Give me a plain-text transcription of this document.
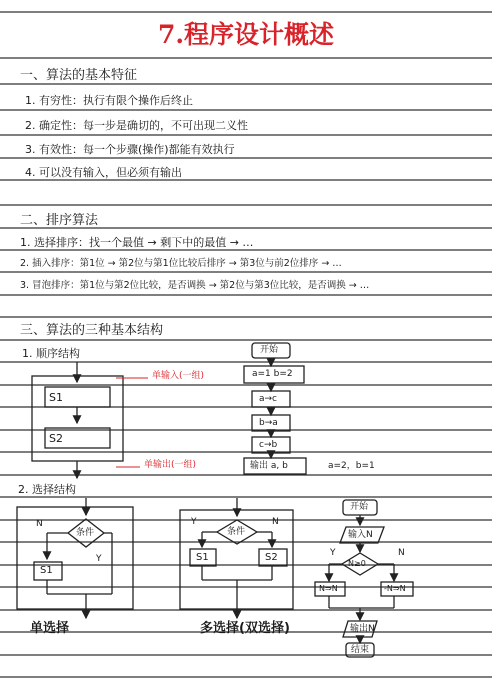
7.程序设计概述
一、算法的基本特征
1. 有穷性：执行有限个操作后终止
2. 确定性：每一步是确切的，不可出现二义性
3. 有效性：每一个步骤(操作)都能有效执行
4. 可以没有输入，但必须有输出
二、排序算法
1. 选择排序：找一个最值 → 剩下中的最值 → …
2. 插入排序：第1位 → 第2位与第1位比较后排序 → 第3位与前2位排序 → …
3. 冒泡排序：第1位与第2位比较，是否调换 → 第2位与第3位比较，是否调换 → …
三、算法的三种基本结构
1. 顺序结构
2. 选择结构
S1
S2
单输入(一组)
单输出(一组)
开始
a=1 b=2
a→c
b→a
c→b
输出 a, b	a=2，b=1
条件
N
Y
S1
单选择
条件
Y	N
S1	S2
多选择(双选择)
开始
输入N
N≥0
Y	N
N⇒N	-N⇒N
输出N
结束
